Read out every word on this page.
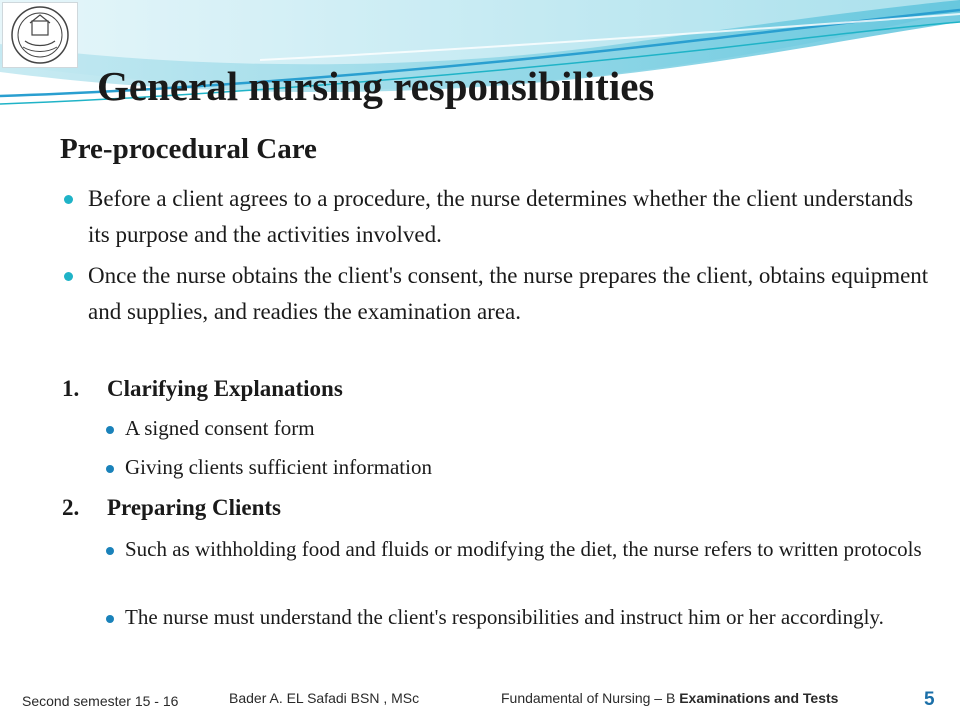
General nursing responsibilities
Pre-procedural Care
Before a client agrees to a procedure, the nurse determines whether the client understands its purpose and the activities involved.
Once the nurse obtains the client's consent, the nurse prepares the client, obtains equipment and supplies, and readies the examination area.
1. Clarifying Explanations
A signed consent form
Giving clients sufficient information
2. Preparing Clients
Such as withholding food and fluids or modifying the diet, the nurse refers to written protocols
The nurse must understand the client's responsibilities and instruct him or her accordingly.
Second semester 15 - 16	Bader A. EL Safadi BSN , MSc	Fundamental of Nursing – B Examinations and Tests	5
